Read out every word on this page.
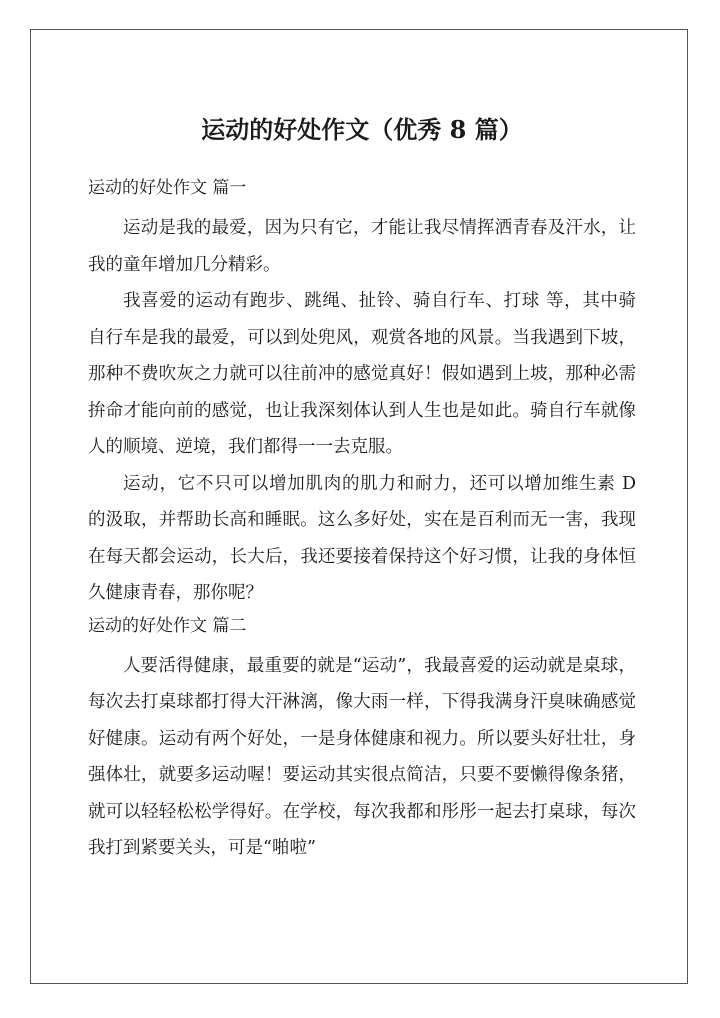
运动的好处作文（优秀 8 篇）
运动的好处作文 篇一

运动是我的最爱，因为只有它，才能让我尽情挥洒青春及汗水，让我的童年增加几分精彩。

我喜爱的运动有跑步、跳绳、扯铃、骑自行车、打球 等，其中骑自行车是我的最爱，可以到处兜风，观赏各地的风景。当我遇到下坡，那种不费吹灰之力就可以往前冲的感觉真好！假如遇到上坡，那种必需拚命才能向前的感觉，也让我深刻体认到人生也是如此。骑自行车就像人的顺境、逆境，我们都得一一去克服。

运动，它不只可以增加肌肉的肌力和耐力，还可以增加维生素 D 的汲取，并帮助长高和睡眠。这么多好处，实在是百利而无一害，我现在每天都会运动，长大后，我还要接着保持这个好习惯，让我的身体恒久健康青春，那你呢？

运动的好处作文 篇二

人要活得健康，最重要的就是“运动”，我最喜爱的运动就是桌球，每次去打桌球都打得大汗淋漓，像大雨一样，下得我满身汗臭味确感觉好健康。运动有两个好处，一是身体健康和视力。所以要头好壮壮，身强体壮，就要多运动喔！要运动其实很点简洁，只要不要懒得像条猪，就可以轻轻松松学得好。在学校，每次我都和彤彤一起去打桌球，每次我打到紧要关头，可是“啪啦”
